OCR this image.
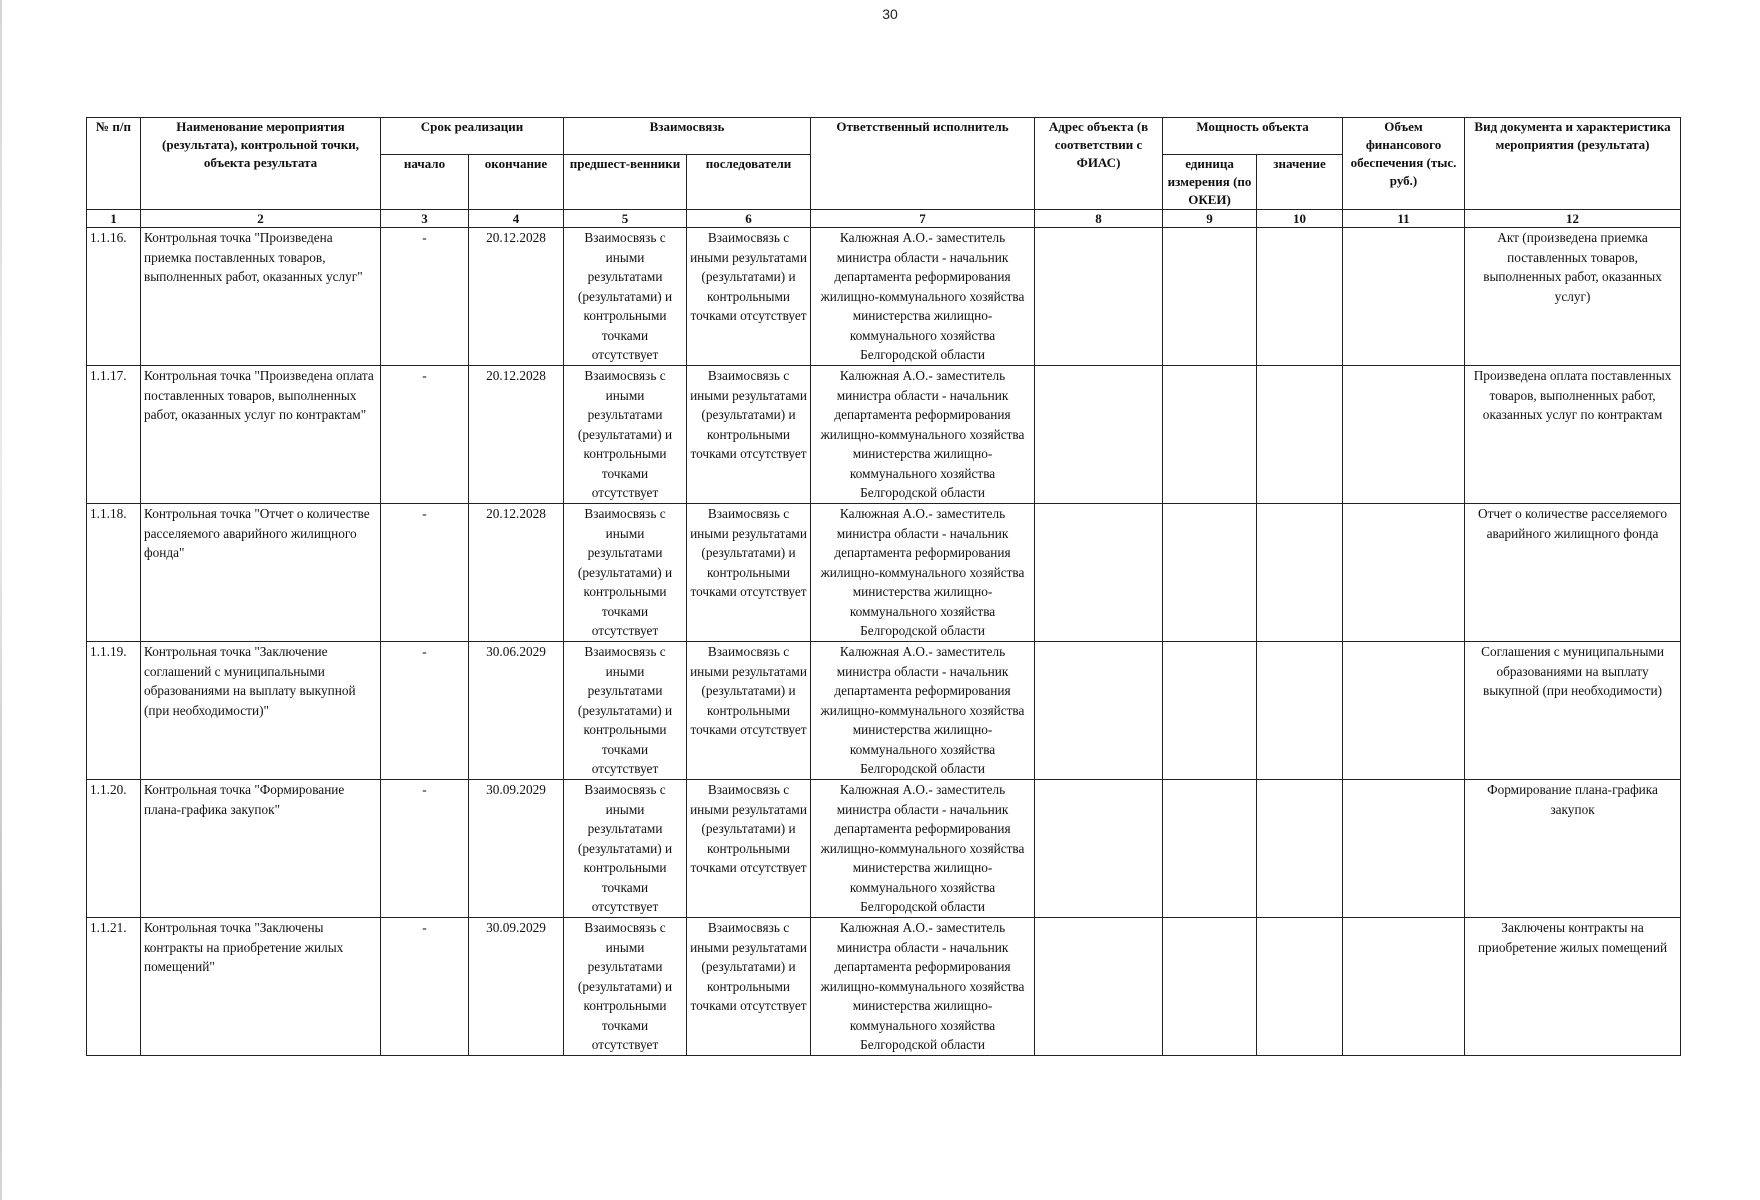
30
№ п/п	Наименование мероприятия (результата), контрольной точки, объекта результата	Срок реализации		Взаимосвязь		Ответственный исполнитель	Адрес объекта (в соответствии с ФИАС)	Мощность объекта		Объем финансового обеспечения (тыс. руб.)	Вид документа и характеристика мероприятия (результата)
		начало	окончание	предшест-венники	последователи			единица измерения (по ОКЕИ)	значение		
1	2	3	4	5	6	7	8	9	10	11	12
1.1.16.	Контрольная точка "Произведена приемка поставленных товаров, выполненных работ, оказанных услуг"	-	20.12.2028	Взаимосвязь с иными результатами (результатами) и контрольными точками отсутствует	Взаимосвязь с иными результатами (результатами) и контрольными точками отсутствует	Калюжная А.О.- заместитель министра области - начальник департамента реформирования жилищно-коммунального хозяйства министерства жилищно-коммунального хозяйства Белгородской области					Акт (произведена приемка поставленных товаров, выполненных работ, оказанных услуг)
1.1.17.	Контрольная точка "Произведена оплата поставленных товаров, выполненных работ, оказанных услуг по контрактам"	-	20.12.2028	Взаимосвязь с иными результатами (результатами) и контрольными точками отсутствует	Взаимосвязь с иными результатами (результатами) и контрольными точками отсутствует	Калюжная А.О.- заместитель министра области - начальник департамента реформирования жилищно-коммунального хозяйства министерства жилищно-коммунального хозяйства Белгородской области					Произведена оплата поставленных товаров, выполненных работ, оказанных услуг по контрактам
1.1.18.	Контрольная точка "Отчет о количестве расселяемого аварийного жилищного фонда"	-	20.12.2028	Взаимосвязь с иными результатами (результатами) и контрольными точками отсутствует	Взаимосвязь с иными результатами (результатами) и контрольными точками отсутствует	Калюжная А.О.- заместитель министра области - начальник департамента реформирования жилищно-коммунального хозяйства министерства жилищно-коммунального хозяйства Белгородской области					Отчет о количестве расселяемого аварийного жилищного фонда
1.1.19.	Контрольная точка "Заключение соглашений с муниципальными образованиями на выплату выкупной (при необходимости)"	-	30.06.2029	Взаимосвязь с иными результатами (результатами) и контрольными точками отсутствует	Взаимосвязь с иными результатами (результатами) и контрольными точками отсутствует	Калюжная А.О.- заместитель министра области - начальник департамента реформирования жилищно-коммунального хозяйства министерства жилищно-коммунального хозяйства Белгородской области					Соглашения с муниципальными образованиями на выплату выкупной (при необходимости)
1.1.20.	Контрольная точка "Формирование плана-графика закупок"	-	30.09.2029	Взаимосвязь с иными результатами (результатами) и контрольными точками отсутствует	Взаимосвязь с иными результатами (результатами) и контрольными точками отсутствует	Калюжная А.О.- заместитель министра области - начальник департамента реформирования жилищно-коммунального хозяйства министерства жилищно-коммунального хозяйства Белгородской области					Формирование плана-графика закупок
1.1.21.	Контрольная точка "Заключены контракты на приобретение жилых помещений"	-	30.09.2029	Взаимосвязь с иными результатами (результатами) и контрольными точками отсутствует	Взаимосвязь с иными результатами (результатами) и контрольными точками отсутствует	Калюжная А.О.- заместитель министра области - начальник департамента реформирования жилищно-коммунального хозяйства министерства жилищно-коммунального хозяйства Белгородской области					Заключены контракты на приобретение жилых помещений
